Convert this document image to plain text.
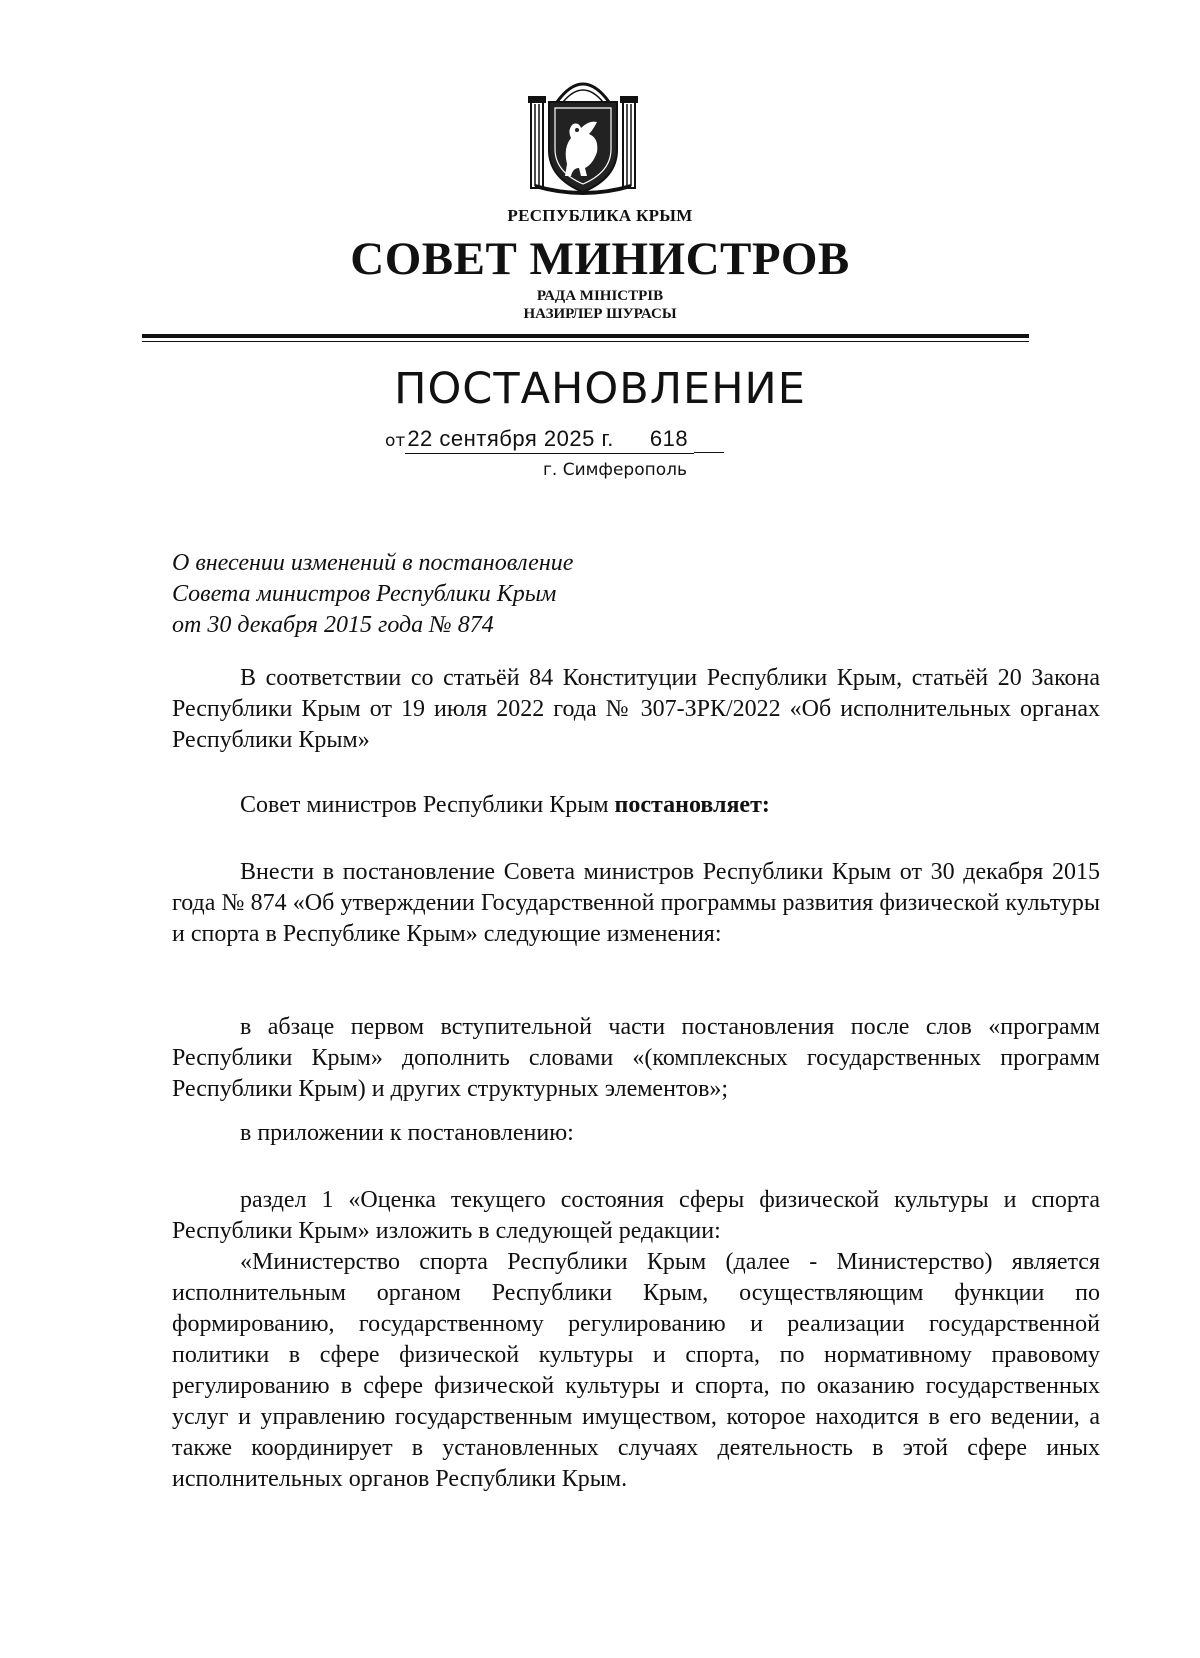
РЕСПУБЛИКА КРЫМ
СОВЕТ МИНИСТРОВ
РАДА МІНІСТРІВ
НАЗИРЛЕР ШУРАСЫ
ПОСТАНОВЛЕНИЕ
от22 сентября 2025 г. 618
г. Симферополь
О внесении изменений в постановление
Совета министров Республики Крым
от 30 декабря 2015 года № 874

В соответствии со статьёй 84 Конституции Республики Крым, статьёй 20 Закона Республики Крым от 19 июля 2022 года № 307-ЗРК/2022 «Об исполнительных органах Республики Крым»

Совет министров Республики Крым постановляет:

Внести в постановление Совета министров Республики Крым от 30 декабря 2015 года № 874 «Об утверждении Государственной программы развития физической культуры и спорта в Республике Крым» следующие изменения:

в абзаце первом вступительной части постановления после слов «программ Республики Крым» дополнить словами «(комплексных государственных программ Республики Крым) и других структурных элементов»;

в приложении к постановлению:

раздел 1 «Оценка текущего состояния сферы физической культуры и спорта Республики Крым» изложить в следующей редакции:

«Министерство спорта Республики Крым (далее - Министерство) является исполнительным органом Республики Крым, осуществляющим функции по формированию, государственному регулированию и реализации государственной политики в сфере физической культуры и спорта, по нормативному правовому регулированию в сфере физической культуры и спорта, по оказанию государственных услуг и управлению государственным имуществом, которое находится в его ведении, а также координирует в установленных случаях деятельность в этой сфере иных исполнительных органов Республики Крым.
